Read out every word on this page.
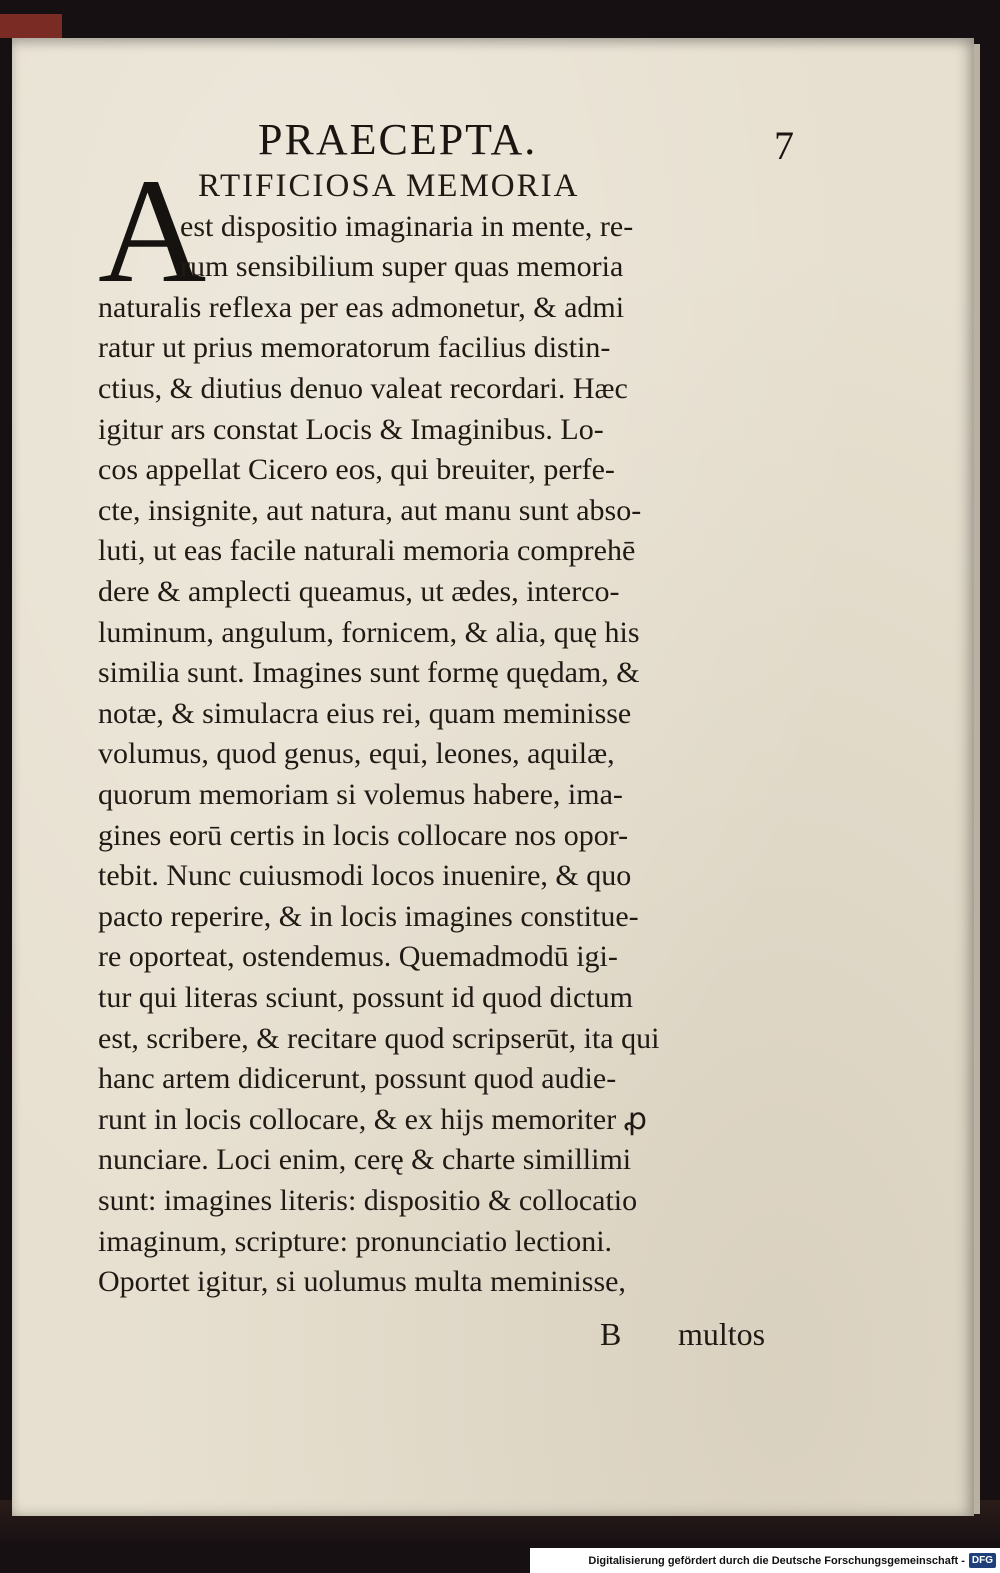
PRAECEPTA.	7
A
RTIFICIOSA MEMORIA
est dispositio imaginaria in mente, re-
rum sensibilium super quas memoria
naturalis reflexa per eas admonetur, & admi
ratur ut prius memoratorum facilius distin-
ctius, & diutius denuo valeat recordari. Hæc
igitur ars constat Locis & Imaginibus. Lo-
cos appellat Cicero eos, qui breuiter, perfe-
cte, insignite, aut natura, aut manu sunt abso-
luti, ut eas facile naturali memoria comprehē
dere & amplecti queamus, ut ædes, interco-
luminum, angulum, fornicem, & alia, quę his
similia sunt. Imagines sunt formę quędam, &
notæ, & simulacra eius rei, quam meminisse
volumus, quod genus, equi, leones, aquilæ,
quorum memoriam si volemus habere, ima-
gines eorū certis in locis collocare nos opor-
tebit. Nunc cuiusmodi locos inuenire, & quo
pacto reperire, & in locis imagines constitue-
re oporteat, ostendemus. Quemadmodū igi-
tur qui literas sciunt, possunt id quod dictum
est, scribere, & recitare quod scripserūt, ita qui
hanc artem didicerunt, possunt quod audie-
runt in locis collocare, & ex hijs memoriter ꝓ
nunciare. Loci enim, cerę & charte simillimi
sunt: imagines literis: dispositio & collocatio
imaginum, scripture: pronunciatio lectioni.
Oportet igitur, si uolumus multa meminisse,
B multos
Digitalisierung gefördert durch die Deutsche Forschungsgemeinschaft - DFG
